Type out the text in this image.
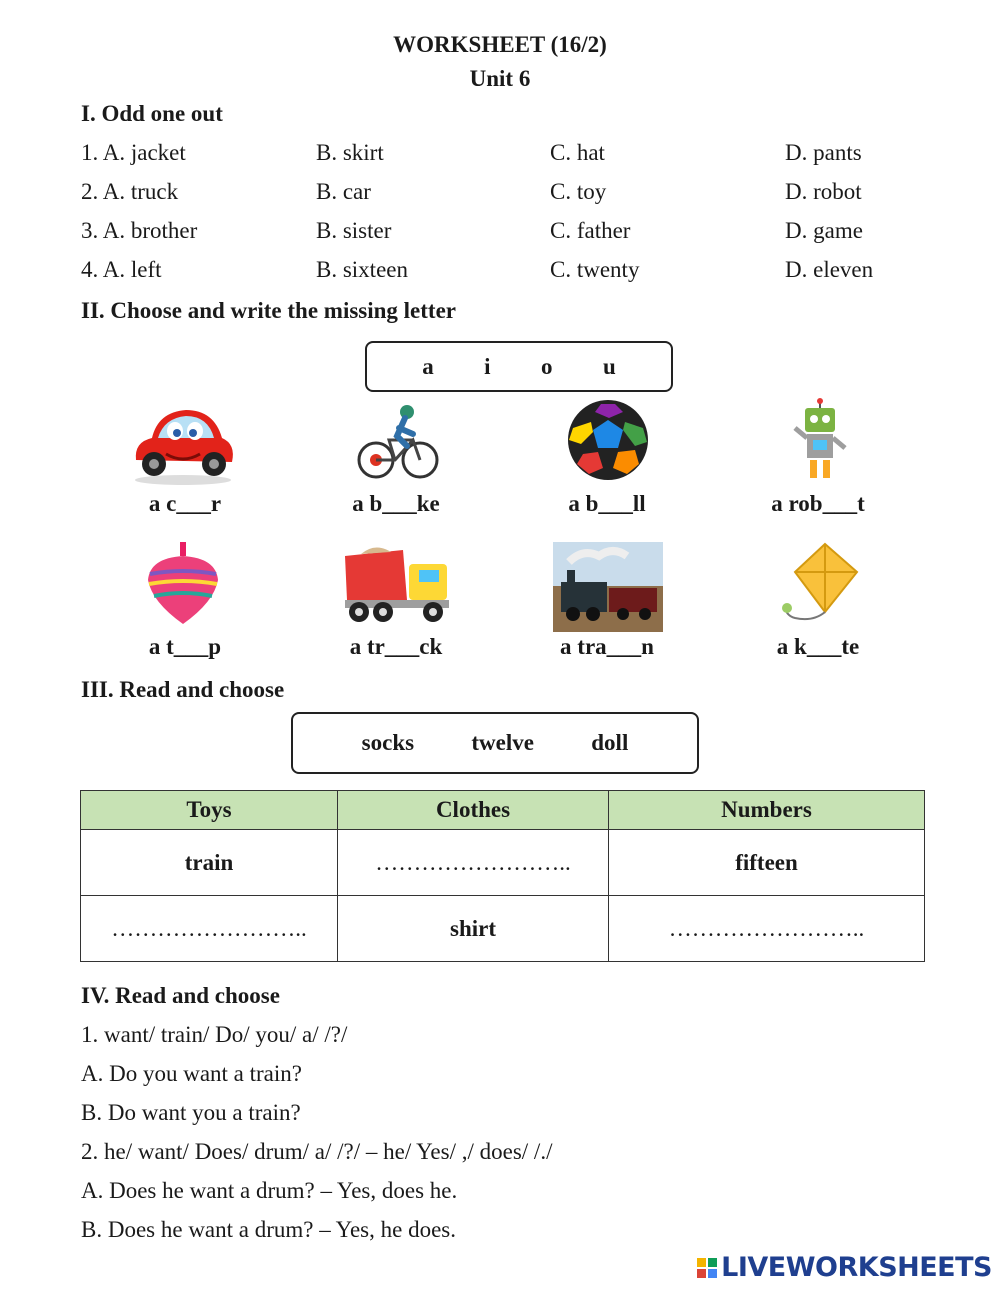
WORKSHEET (16/2)
Unit 6
I. Odd one out
1. A. jacket	B. skirt	C. hat	D. pants
2. A. truck	B. car	C. toy	D. robot
3. A. brother	B. sister	C. father	D. game
4. A. left	B. sixteen	C. twenty	D. eleven
II. Choose and write the missing letter
a i o u
a c___r	a b___ke	a b___ll	a rob___t
a t___p	a tr___ck	a tra___n	a k___te
III. Read and choose
socks twelve doll
Toys	Clothes	Numbers
train	……………………..	fifteen
……………………..	shirt	……………………..
IV. Read and choose
1. want/ train/ Do/ you/ a/ /?/
A. Do you want a train?
B. Do want you a train?
2. he/ want/ Does/ drum/ a/ /?/ – he/ Yes/ ,/ does/ /./
A. Does he want a drum? – Yes, does he.
B. Does he want a drum? – Yes, he does.
LIVEWORKSHEETS
